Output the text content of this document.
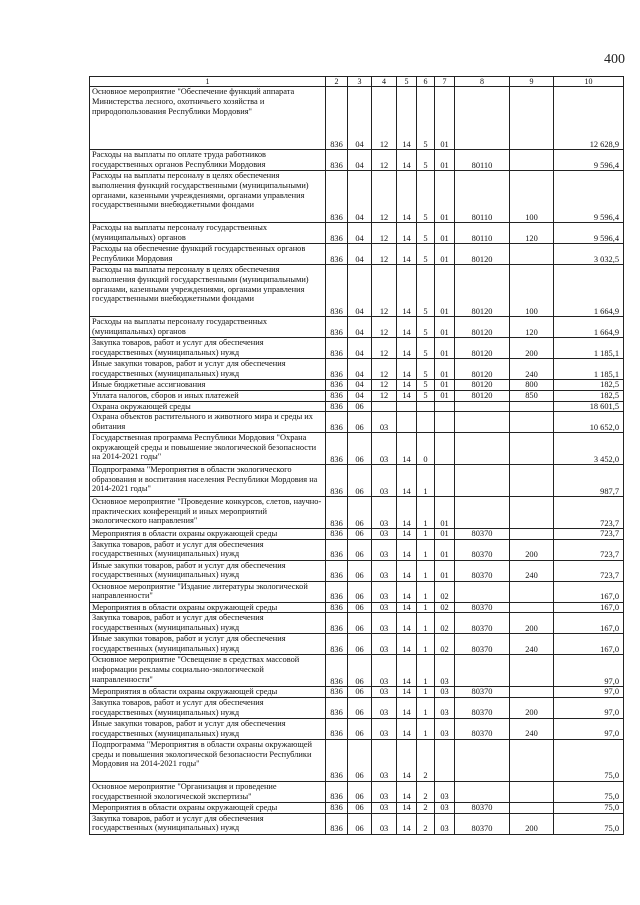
400
1	2	3	4	5	6	7	8	9	10
Основное мероприятие "Обеспечение функций аппарата Министерства лесного, охотничьего хозяйства и природопользования Республики Мордовия"	836	04	12	14	5	01			12 628,9
Расходы на выплаты по оплате труда работников государственных органов Республики Мордовия	836	04	12	14	5	01	80110		9 596,4
Расходы на выплаты персоналу в целях обеспечения выполнения функций государственными (муниципальными) органами, казенными учреждениями, органами управления государственными внебюджетными фондами	836	04	12	14	5	01	80110	100	9 596,4
Расходы на выплаты персоналу государственных (муниципальных) органов	836	04	12	14	5	01	80110	120	9 596,4
Расходы на обеспечение функций государственных органов Республики Мордовия	836	04	12	14	5	01	80120		3 032,5
Расходы на выплаты персоналу в целях обеспечения выполнения функций государственными (муниципальными) органами, казенными учреждениями, органами управления государственными внебюджетными фондами	836	04	12	14	5	01	80120	100	1 664,9
Расходы на выплаты персоналу государственных (муниципальных) органов	836	04	12	14	5	01	80120	120	1 664,9
Закупка товаров, работ и услуг для обеспечения государственных (муниципальных) нужд	836	04	12	14	5	01	80120	200	1 185,1
Иные закупки товаров, работ и услуг для обеспечения государственных (муниципальных) нужд	836	04	12	14	5	01	80120	240	1 185,1
Иные бюджетные ассигнования	836	04	12	14	5	01	80120	800	182,5
Уплата налогов, сборов и иных платежей	836	04	12	14	5	01	80120	850	182,5
Охрана окружающей среды	836	06							18 601,5
Охрана объектов растительного и животного мира и среды их обитания	836	06	03						10 652,0
Государственная программа Республики Мордовия "Охрана окружающей среды и повышение экологической безопасности на 2014-2021 годы"	836	06	03	14	0				3 452,0
Подпрограмма "Мероприятия в области экологического образования и воспитания населения Республики Мордовия на 2014-2021 годы"	836	06	03	14	1				987,7
Основное мероприятие "Проведение конкурсов, слетов, научно-практических конференций и иных мероприятий экологического направления"	836	06	03	14	1	01			723,7
Мероприятия в области охраны окружающей среды	836	06	03	14	1	01	80370		723,7
Закупка товаров, работ и услуг для обеспечения государственных (муниципальных) нужд	836	06	03	14	1	01	80370	200	723,7
Иные закупки товаров, работ и услуг для обеспечения государственных (муниципальных) нужд	836	06	03	14	1	01	80370	240	723,7
Основное мероприятие "Издание литературы экологической направленности"	836	06	03	14	1	02			167,0
Мероприятия в области охраны окружающей среды	836	06	03	14	1	02	80370		167,0
Закупка товаров, работ и услуг для обеспечения государственных (муниципальных) нужд	836	06	03	14	1	02	80370	200	167,0
Иные закупки товаров, работ и услуг для обеспечения государственных (муниципальных) нужд	836	06	03	14	1	02	80370	240	167,0
Основное мероприятие "Освещение в средствах массовой информации рекламы социально-экологической направленности"	836	06	03	14	1	03			97,0
Мероприятия в области охраны окружающей среды	836	06	03	14	1	03	80370		97,0
Закупка товаров, работ и услуг для обеспечения государственных (муниципальных) нужд	836	06	03	14	1	03	80370	200	97,0
Иные закупки товаров, работ и услуг для обеспечения государственных (муниципальных) нужд	836	06	03	14	1	03	80370	240	97,0
Подпрограмма "Мероприятия в области охраны окружающей среды и повышения экологической безопасности Республики Мордовия на 2014-2021 годы"	836	06	03	14	2				75,0
Основное мероприятие "Организация и проведение государственной экологической экспертизы"	836	06	03	14	2	03			75,0
Мероприятия в области охраны окружающей среды	836	06	03	14	2	03	80370		75,0
Закупка товаров, работ и услуг для обеспечения государственных (муниципальных) нужд	836	06	03	14	2	03	80370	200	75,0
